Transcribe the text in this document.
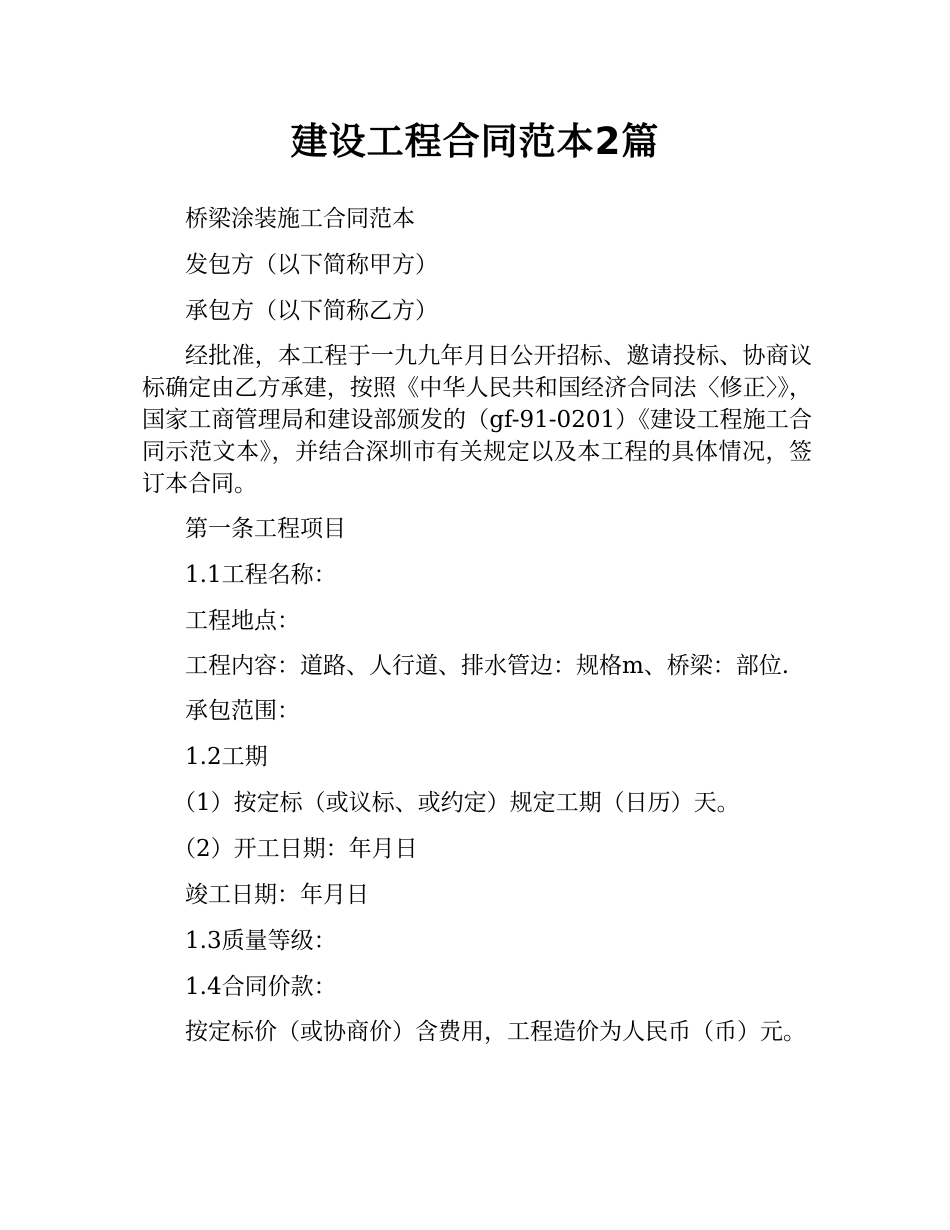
建设工程合同范本2篇

桥梁涂装施工合同范本

发包方（以下简称甲方）

承包方（以下简称乙方）

经批准，本工程于一九九年月日公开招标、邀请投标、协商议标确定由乙方承建，按照《中华人民共和国经济合同法〈修正〉》，国家工商管理局和建设部颁发的（gf-91-0201）《建设工程施工合同示范文本》，并结合深圳市有关规定以及本工程的具体情况，签订本合同。

第一条工程项目

1.1工程名称：

工程地点：

工程内容：道路、人行道、排水管边：规格m、桥梁：部位.

承包范围：

1.2工期

（1）按定标（或议标、或约定）规定工期（日历）天。

（2）开工日期：年月日

竣工日期：年月日

1.3质量等级：

1.4合同价款：

按定标价（或协商价）含费用，工程造价为人民币（币）元。
